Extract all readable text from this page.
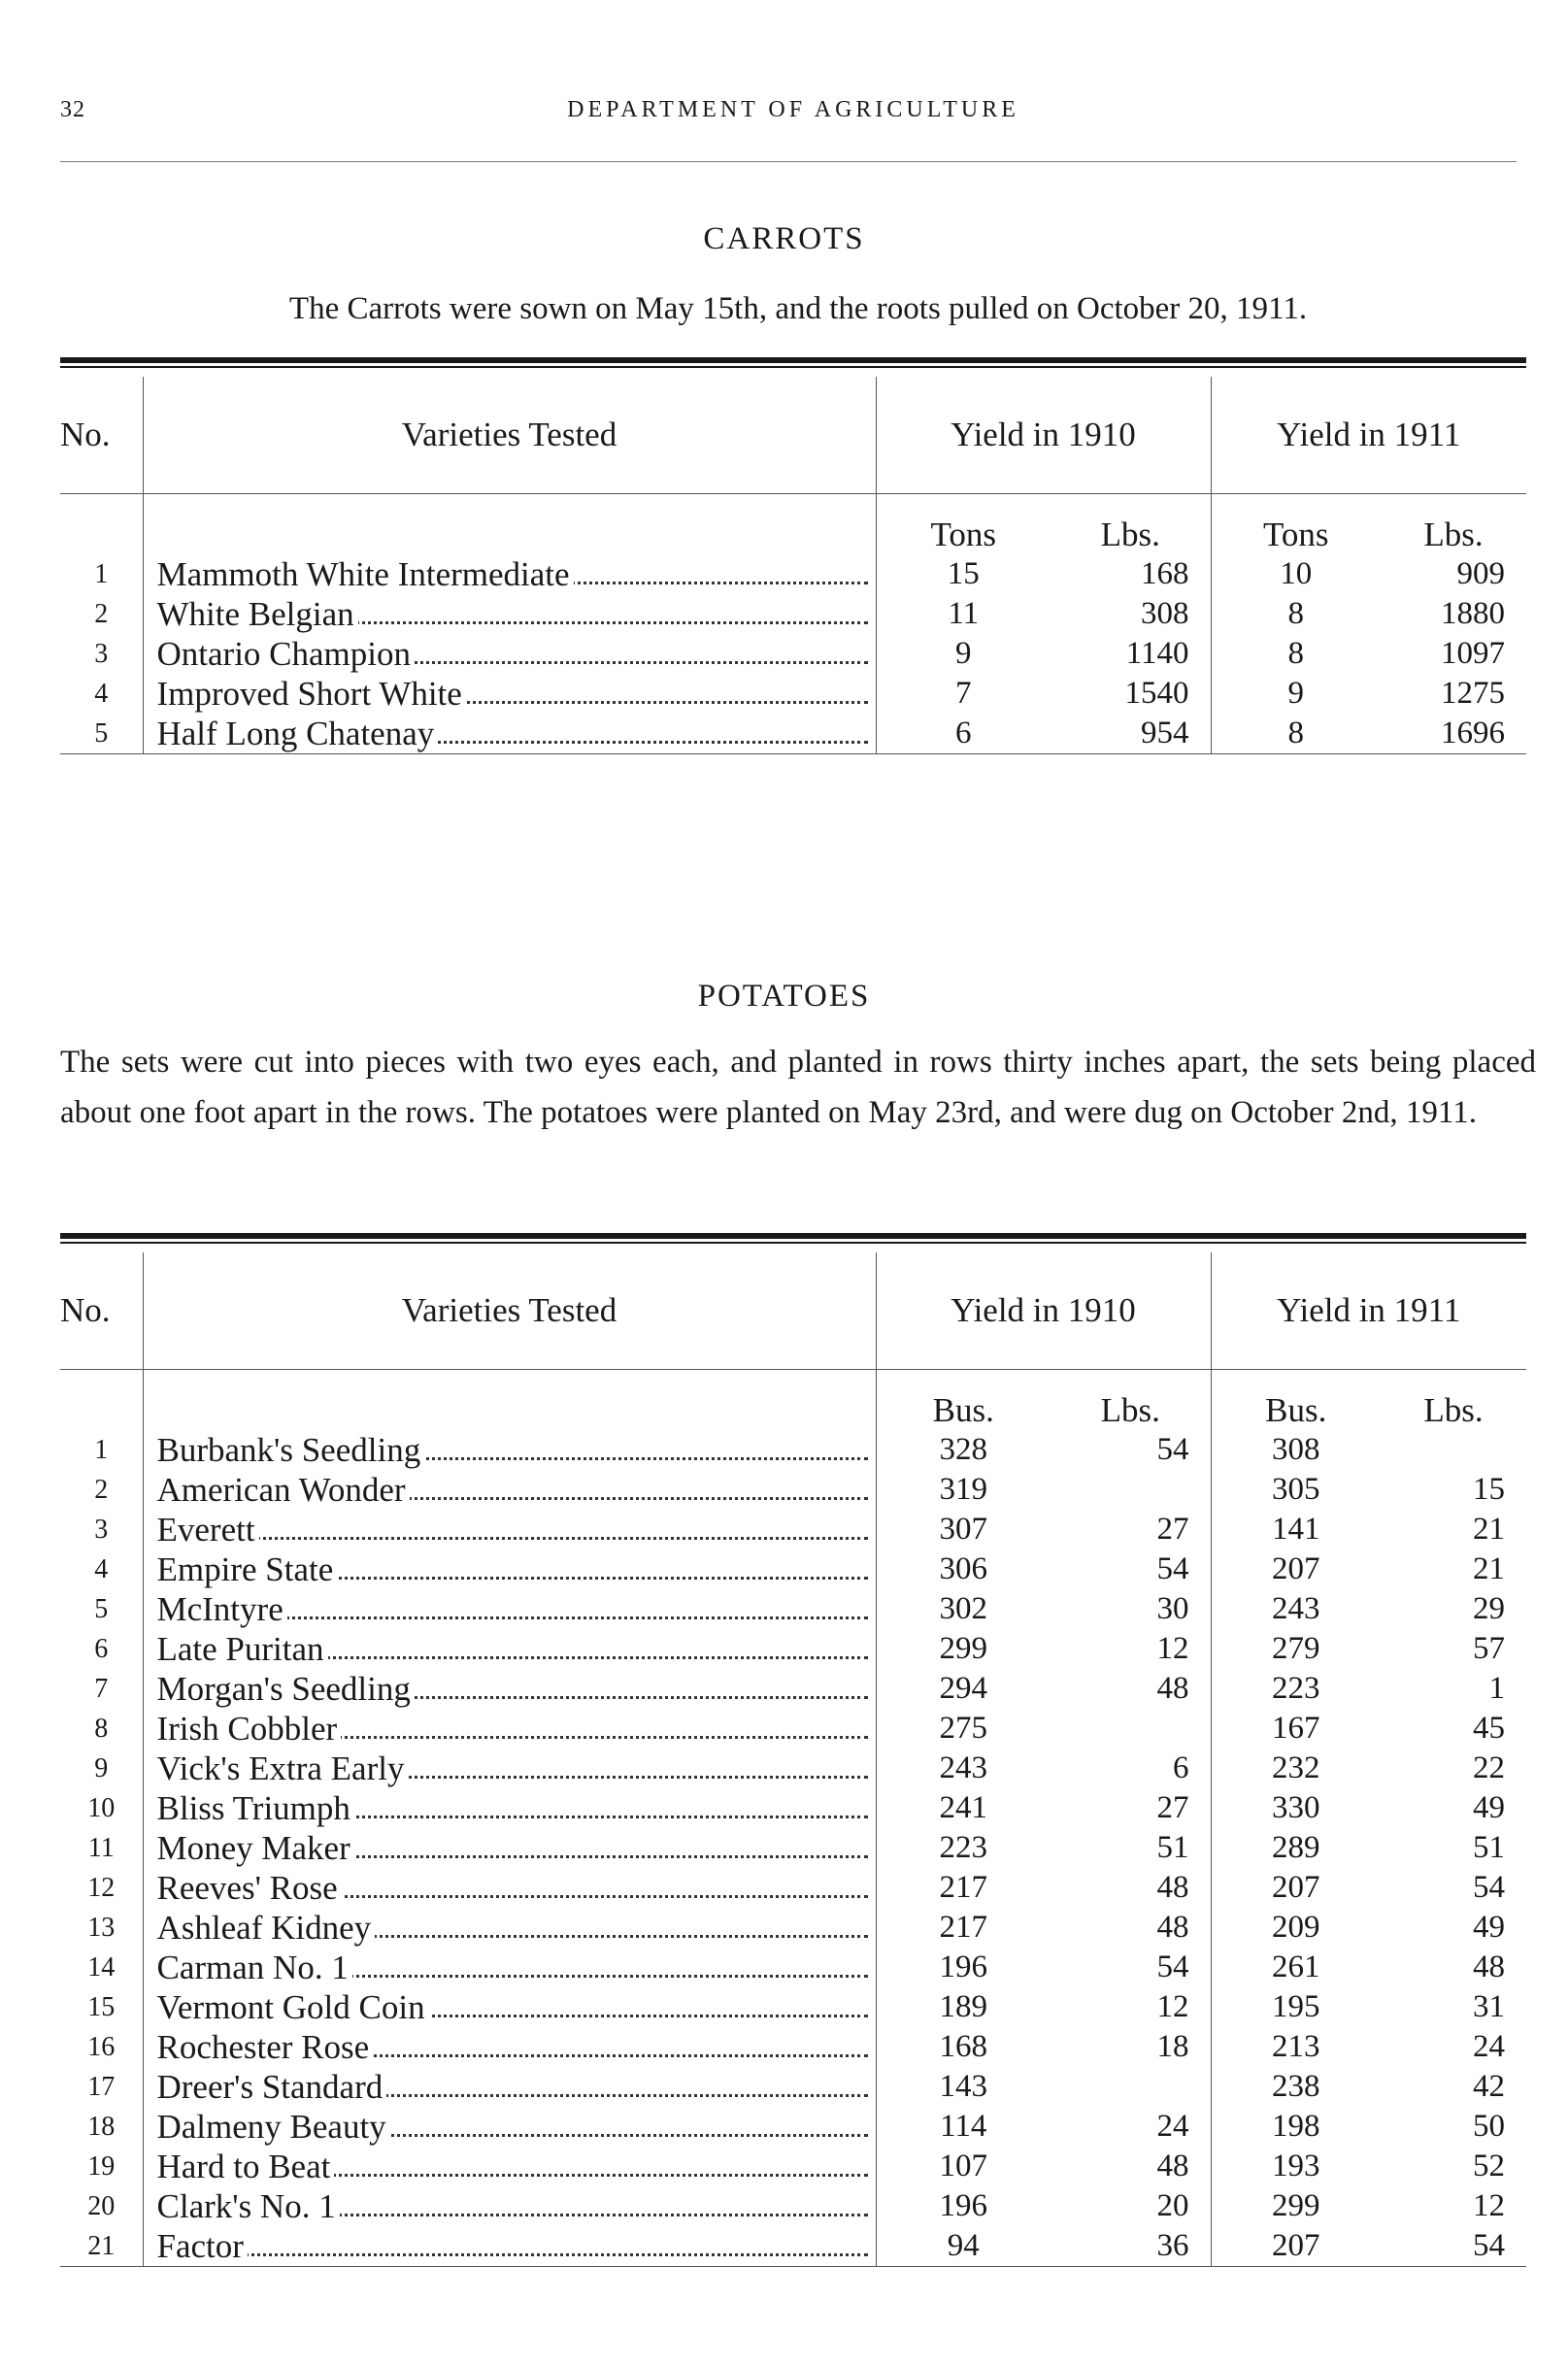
32	DEPARTMENT OF AGRICULTURE
CARROTS
The Carrots were sown on May 15th, and the roots pulled on October 20, 1911.
No.	Varieties Tested	Yield in 1910		Yield in 1911	
		Tons	Lbs.	Tons	Lbs.
1	Mammoth White Intermediate	15	168	10	909
2	White Belgian	11	308	8	1880
3	Ontario Champion	9	1140	8	1097
4	Improved Short White	7	1540	9	1275
5	Half Long Chatenay	6	954	8	1696
POTATOES
The sets were cut into pieces with two eyes each, and planted in rows thirty inches apart, the sets being placed about one foot apart in the rows. The potatoes were planted on May 23rd, and were dug on October 2nd, 1911.
No.	Varieties Tested	Yield in 1910		Yield in 1911	
		Bus.	Lbs.	Bus.	Lbs.
1	Burbank's Seedling	328	54	308	
2	American Wonder	319		305	15
3	Everett	307	27	141	21
4	Empire State	306	54	207	21
5	McIntyre	302	30	243	29
6	Late Puritan	299	12	279	57
7	Morgan's Seedling	294	48	223	1
8	Irish Cobbler	275		167	45
9	Vick's Extra Early	243	6	232	22
10	Bliss Triumph	241	27	330	49
11	Money Maker	223	51	289	51
12	Reeves' Rose	217	48	207	54
13	Ashleaf Kidney	217	48	209	49
14	Carman No. 1	196	54	261	48
15	Vermont Gold Coin	189	12	195	31
16	Rochester Rose	168	18	213	24
17	Dreer's Standard	143		238	42
18	Dalmeny Beauty	114	24	198	50
19	Hard to Beat	107	48	193	52
20	Clark's No. 1	196	20	299	12
21	Factor	94	36	207	54
